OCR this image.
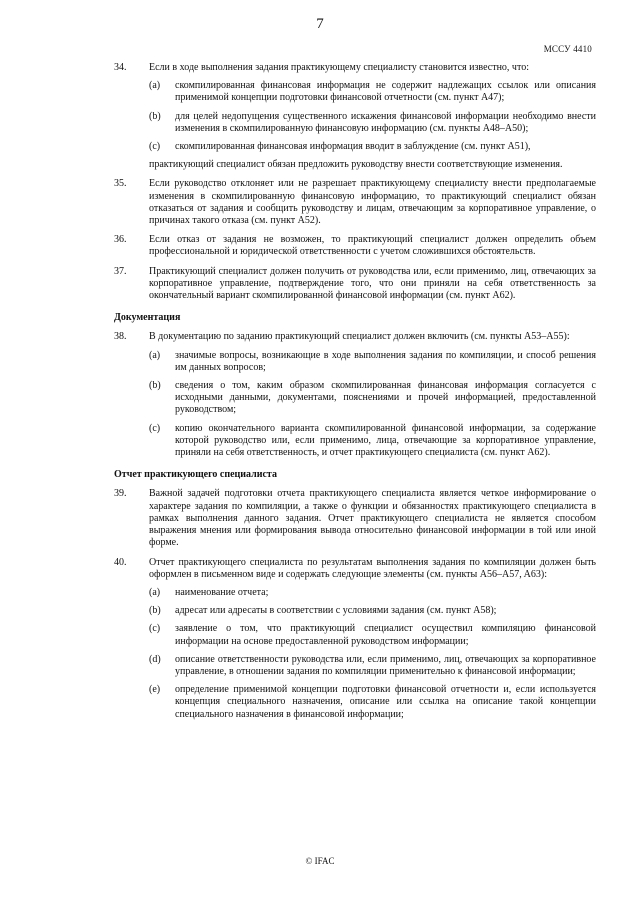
7
МССУ 4410
34. Если в ходе выполнения задания практикующему специалисту становится известно, что:
(a) скомпилированная финансовая информация не содержит надлежащих ссылок или описания применимой концепции подготовки финансовой отчетности (см. пункт A47);
(b) для целей недопущения существенного искажения финансовой информации необходимо внести изменения в скомпилированную финансовую информацию (см. пункты A48–A50);
(c) скомпилированная финансовая информация вводит в заблуждение (см. пункт A51),
практикующий специалист обязан предложить руководству внести соответствующие изменения.
35. Если руководство отклоняет или не разрешает практикующему специалисту внести предполагаемые изменения в скомпилированную финансовую информацию, то практикующий специалист обязан отказаться от задания и сообщить руководству и лицам, отвечающим за корпоративное управление, о причинах такого отказа (см. пункт A52).
36. Если отказ от задания не возможен, то практикующий специалист должен определить объем профессиональной и юридической ответственности с учетом сложившихся обстоятельств.
37. Практикующий специалист должен получить от руководства или, если применимо, лиц, отвечающих за корпоративное управление, подтверждение того, что они приняли на себя ответственность за окончательный вариант скомпилированной финансовой информации (см. пункт A62).
Документация
38. В документацию по заданию практикующий специалист должен включить (см. пункты A53–A55):
(a) значимые вопросы, возникающие в ходе выполнения задания по компиляции, и способ решения им данных вопросов;
(b) сведения о том, каким образом скомпилированная финансовая информация согласуется с исходными данными, документами, пояснениями и прочей информацией, предоставленной руководством;
(c) копию окончательного варианта скомпилированной финансовой информации, за содержание которой руководство или, если применимо, лица, отвечающие за корпоративное управление, приняли на себя ответственность, и отчет практикующего специалиста (см. пункт A62).
Отчет практикующего специалиста
39. Важной задачей подготовки отчета практикующего специалиста является четкое информирование о характере задания по компиляции, а также о функции и обязанностях практикующего специалиста в рамках выполнения данного задания. Отчет практикующего специалиста не является способом выражения мнения или формирования вывода относительно финансовой информации в той или иной форме.
40. Отчет практикующего специалиста по результатам выполнения задания по компиляции должен быть оформлен в письменном виде и содержать следующие элементы (см. пункты A56–A57, A63):
(a) наименование отчета;
(b) адресат или адресаты в соответствии с условиями задания (см. пункт A58);
(c) заявление о том, что практикующий специалист осуществил компиляцию финансовой информации на основе предоставленной руководством информации;
(d) описание ответственности руководства или, если применимо, лиц, отвечающих за корпоративное управление, в отношении задания по компиляции применительно к финансовой информации;
(e) определение применимой концепции подготовки финансовой отчетности и, если используется концепция специального назначения, описание или ссылка на описание такой концепции специального назначения в финансовой информации;
© IFAC
